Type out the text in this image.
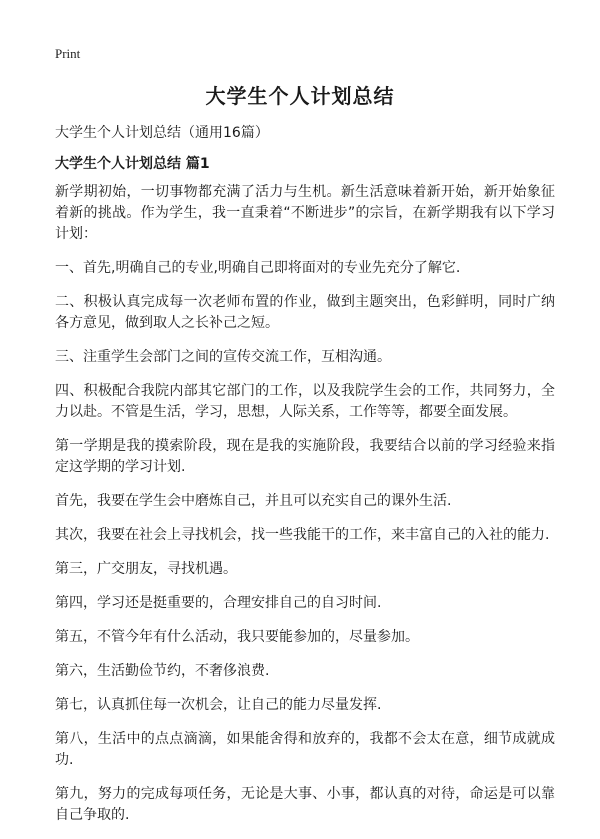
Print
大学生个人计划总结
大学生个人计划总结（通用16篇）
大学生个人计划总结 篇1

新学期初始，一切事物都充满了活力与生机。新生活意味着新开始，新开始象征着新的挑战。作为学生，我一直秉着“不断进步”的宗旨，在新学期我有以下学习计划：

一、首先,明确自己的专业,明确自己即将面对的专业先充分了解它.

二、积极认真完成每一次老师布置的作业，做到主题突出，色彩鲜明，同时广纳各方意见，做到取人之长补己之短。

三、注重学生会部门之间的宣传交流工作，互相沟通。

四、积极配合我院内部其它部门的工作，以及我院学生会的工作，共同努力，全力以赴。不管是生活，学习，思想，人际关系，工作等等，都要全面发展。

第一学期是我的摸索阶段，现在是我的实施阶段，我要结合以前的学习经验来指定这学期的学习计划.

首先，我要在学生会中磨炼自己，并且可以充实自己的课外生活.

其次，我要在社会上寻找机会，找一些我能干的工作，来丰富自己的入社的能力.

第三，广交朋友，寻找机遇。

第四，学习还是挺重要的，合理安排自己的自习时间.

第五，不管今年有什么活动，我只要能参加的，尽量参加。

第六，生活勤俭节约，不奢侈浪费.

第七，认真抓住每一次机会，让自己的能力尽量发挥.

第八，生活中的点点滴滴，如果能舍得和放弃的，我都不会太在意，细节成就成功.

第九，努力的完成每项任务，无论是大事、小事，都认真的对待，命运是可以靠自己争取的.
